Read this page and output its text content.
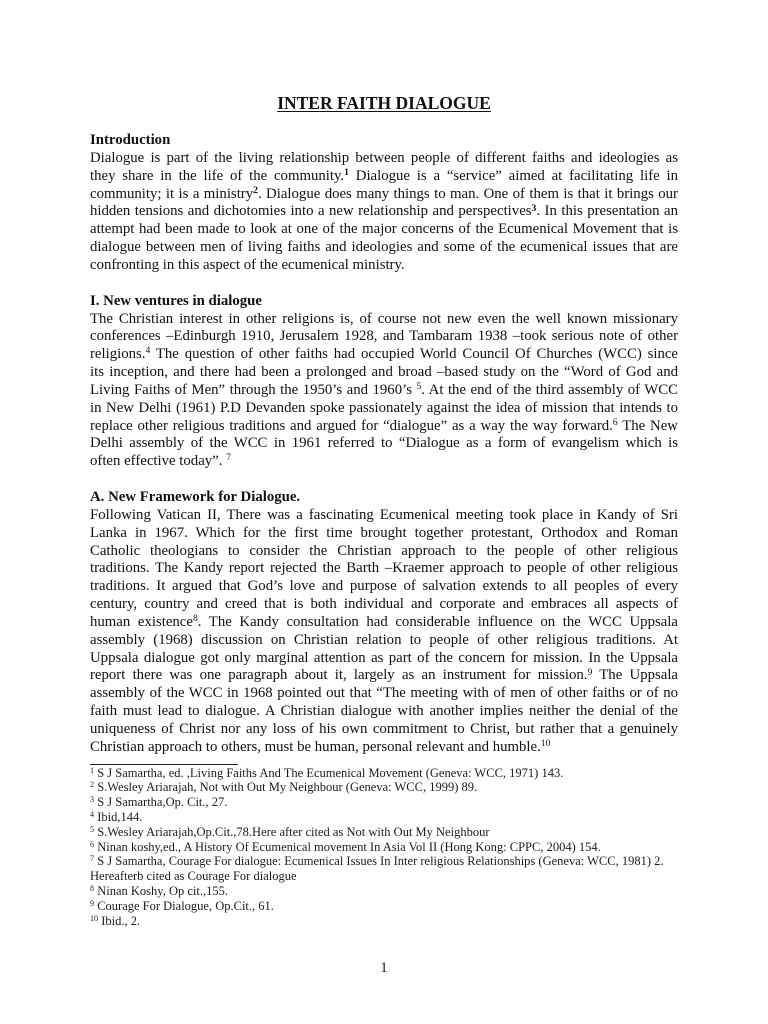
INTER FAITH DIALOGUE
Introduction
Dialogue is part of the living relationship between people of different faiths and ideologies as
they share in the life of the community.$^1$ Dialogue is a “service” aimed at facilitating life in
community; it is a ministry$^2$. Dialogue does many things to man. One of them is that it brings our
hidden tensions and dichotomies into a new relationship and perspectives$^3$. In this presentation an
attempt had been made to look at one of the major concerns of the Ecumenical Movement that is
dialogue between men of living faiths and ideologies and some of the ecumenical issues that are
confronting in this aspect of the ecumenical ministry.
I. New ventures in dialogue
The Christian interest in other religions is, of course not new even the well known missionary
conferences –Edinburgh 1910, Jerusalem 1928, and Tambaram 1938 –took serious note of other
religions.$^4$ The question of other faiths had occupied World Council Of Churches (WCC) since
its inception, and there had been a prolonged and broad –based study on the “Word of God and
Living Faiths of Men” through the 1950’s and 1960’s $^5$. At the end of the third assembly of WCC
in New Delhi (1961) P.D Devanden spoke passionately against the idea of mission that intends to
replace other religious traditions and argued for “dialogue” as a way the way forward.$^6$ The New
Delhi assembly of the WCC in 1961 referred to “Dialogue as a form of evangelism which is
often effective today”. $^7$
A. New Framework for Dialogue.
Following Vatican II, There was a fascinating Ecumenical meeting took place in Kandy of Sri
Lanka in 1967. Which for the first time brought together protestant, Orthodox and Roman
Catholic theologians to consider the Christian approach to the people of other religious
traditions. The Kandy report rejected the Barth –Kraemer approach to people of other religious
traditions. It argued that God’s love and purpose of salvation extends to all peoples of every
century, country and creed that is both individual and corporate and embraces all aspects of
human existence$^8$. The Kandy consultation had considerable influence on the WCC Uppsala
assembly (1968) discussion on Christian relation to people of other religious traditions. At
Uppsala dialogue got only marginal attention as part of the concern for mission. In the Uppsala
report there was one paragraph about it, largely as an instrument for mission.$^9$ The Uppsala
assembly of the WCC in 1968 pointed out that “The meeting with of men of other faiths or of no
faith must lead to dialogue. A Christian dialogue with another implies neither the denial of the
uniqueness of Christ nor any loss of his own commitment to Christ, but rather that a genuinely
Christian approach to others, must be human, personal relevant and humble.$^{10}$
$^1$ S J Samartha, ed. ,Living Faiths And The Ecumenical Movement (Geneva: WCC, 1971) 143.
$^2$ S.Wesley Ariarajah, Not with Out My Neighbour (Geneva: WCC, 1999) 89.
$^3$ S J Samartha,Op. Cit., 27.
$^4$ Ibid,144.
$^5$ S.Wesley Ariarajah,Op.Cit.,78.Here after cited as Not with Out My Neighbour
$^6$ Ninan koshy,ed., A History Of Ecumenical movement In Asia Vol II (Hong Kong: CPPC, 2004) 154.
$^7$ S J Samartha, Courage For dialogue: Ecumenical Issues In Inter religious Relationships (Geneva: WCC, 1981) 2.
Hereafterb cited as Courage For dialogue
$^8$ Ninan Koshy, Op cit.,155.
$^9$ Courage For Dialogue, Op.Cit., 61.
$^{10}$ Ibid., 2.
1
